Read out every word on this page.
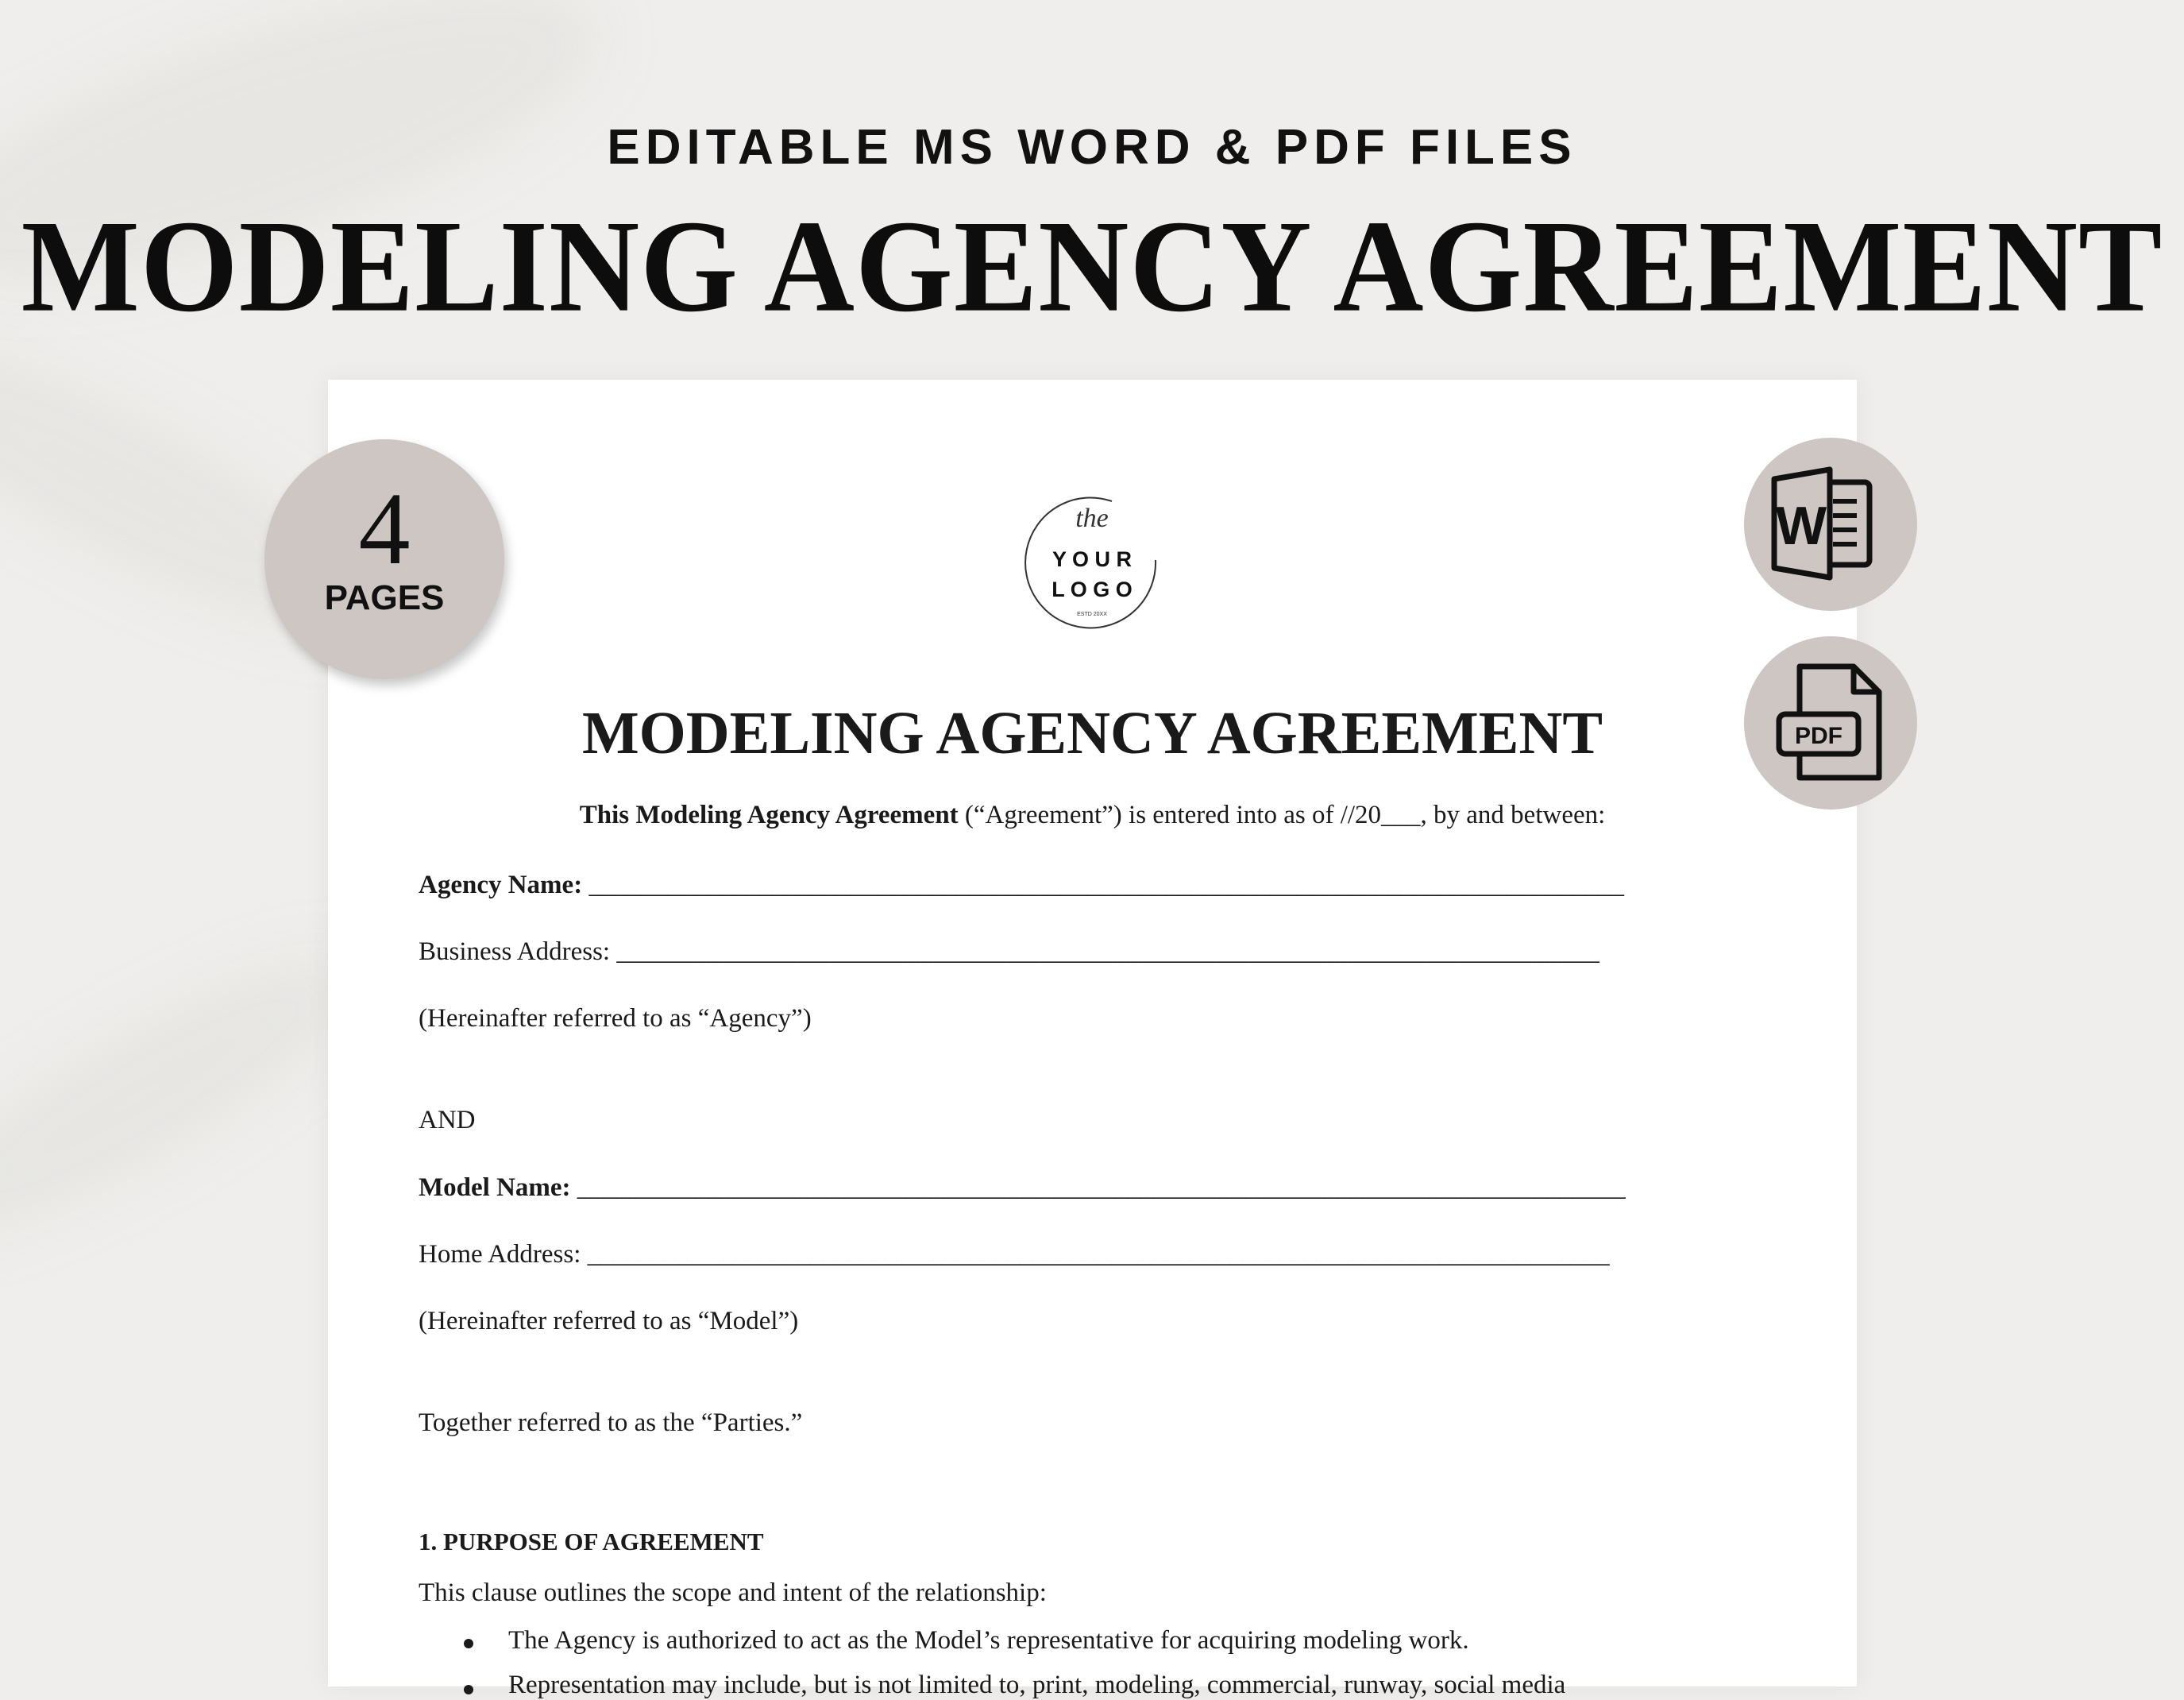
EDITABLE MS WORD & PDF FILES
MODELING AGENCY AGREEMENT
the
Y O U R
L O G O
ESTD 20XX
MODELING AGENCY AGREEMENT
This Modeling Agency Agreement (“Agreement”) is entered into as of //20___, by and between:
Agency Name: _______________________________________________________________________________
Business Address: ___________________________________________________________________________
(Hereinafter referred to as “Agency”)
AND
Model Name: ________________________________________________________________________________
Home Address: ______________________________________________________________________________
(Hereinafter referred to as “Model”)
Together referred to as the “Parties.”
1. PURPOSE OF AGREEMENT
This clause outlines the scope and intent of the relationship:
The Agency is authorized to act as the Model’s representative for acquiring modeling work.
Representation may include, but is not limited to, print, modeling, commercial, runway, social media
4
PAGES
W
PDF
